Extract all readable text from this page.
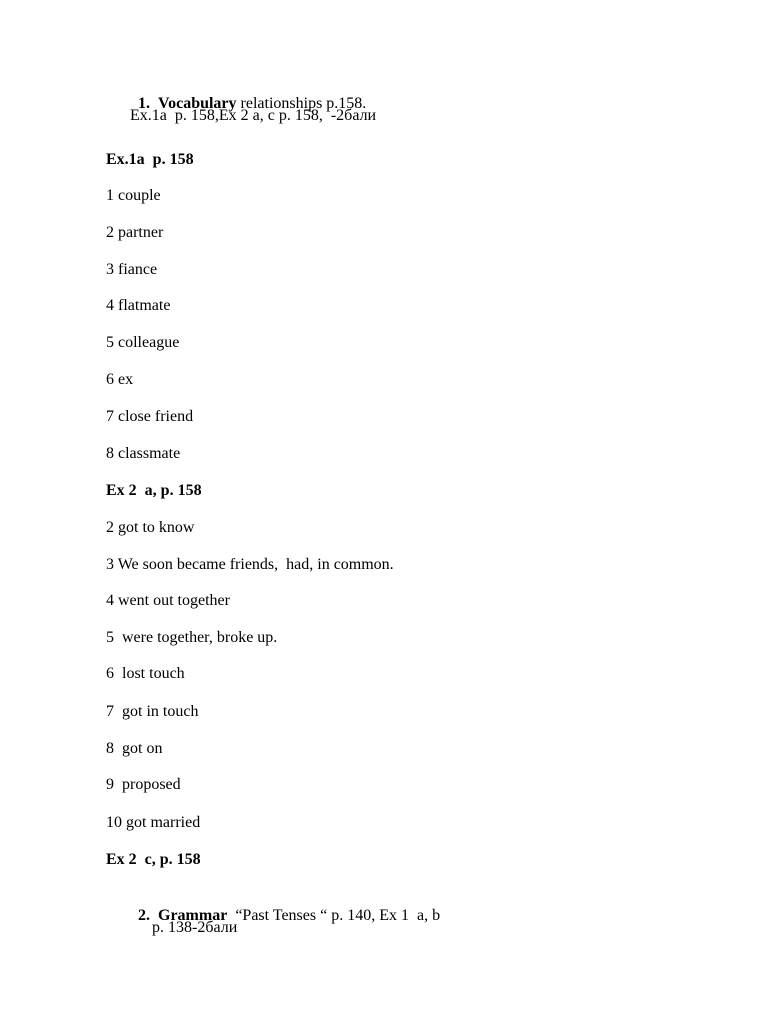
1. Vocabulary relationships p.158.

Ex.1a  p. 158,Ex 2 a, c p. 158,  -2бали
Ex.1a  p. 158
1 couple
2 partner
3 fiance
4 flatmate
5 colleague
6 ex
7 close friend
8 classmate
Ex 2  a, p. 158
2 got to know
3 We soon became friends,  had, in common.
4 went out together
5  were together, broke up.
6  lost touch
7  got in touch
8  got on
9  proposed
10 got married
Ex 2  c, p. 158

2. Grammar  “Past Tenses “ p. 140, Ex 1  a, b

p. 138-2бали
